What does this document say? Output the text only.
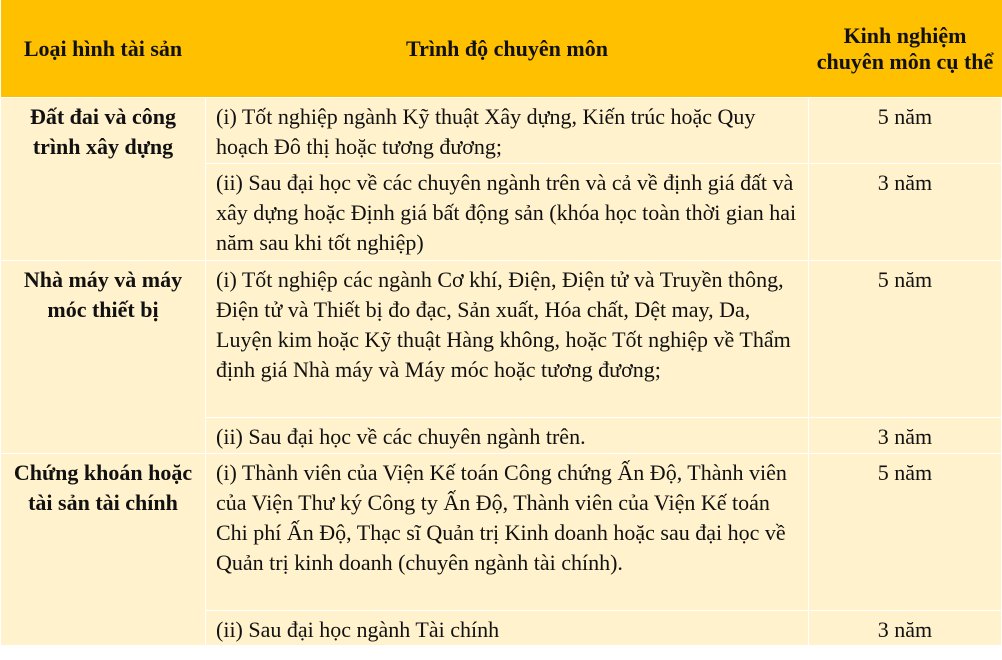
Loại hình tài sản	Trình độ chuyên môn	Kinh nghiệm chuyên môn cụ thể
Đất đai và công trình xây dựng	(i) Tốt nghiệp ngành Kỹ thuật Xây dựng, Kiến trúc hoặc Quy hoạch Đô thị hoặc tương đương;	5 năm
	(ii) Sau đại học về các chuyên ngành trên và cả về định giá đất và xây dựng hoặc Định giá bất động sản (khóa học toàn thời gian hai năm sau khi tốt nghiệp)	3 năm
Nhà máy và máy móc thiết bị	(i) Tốt nghiệp các ngành Cơ khí, Điện, Điện tử và Truyền thông, Điện tử và Thiết bị đo đạc, Sản xuất, Hóa chất, Dệt may, Da, Luyện kim hoặc Kỹ thuật Hàng không, hoặc Tốt nghiệp về Thẩm định giá Nhà máy và Máy móc hoặc tương đương;	5 năm
	(ii) Sau đại học về các chuyên ngành trên.	3 năm
Chứng khoán hoặc tài sản tài chính	(i) Thành viên của Viện Kế toán Công chứng Ấn Độ, Thành viên của Viện Thư ký Công ty Ấn Độ, Thành viên của Viện Kế toán Chi phí Ấn Độ, Thạc sĩ Quản trị Kinh doanh hoặc sau đại học về Quản trị kinh doanh (chuyên ngành tài chính).	5 năm
	(ii) Sau đại học ngành Tài chính	3 năm
